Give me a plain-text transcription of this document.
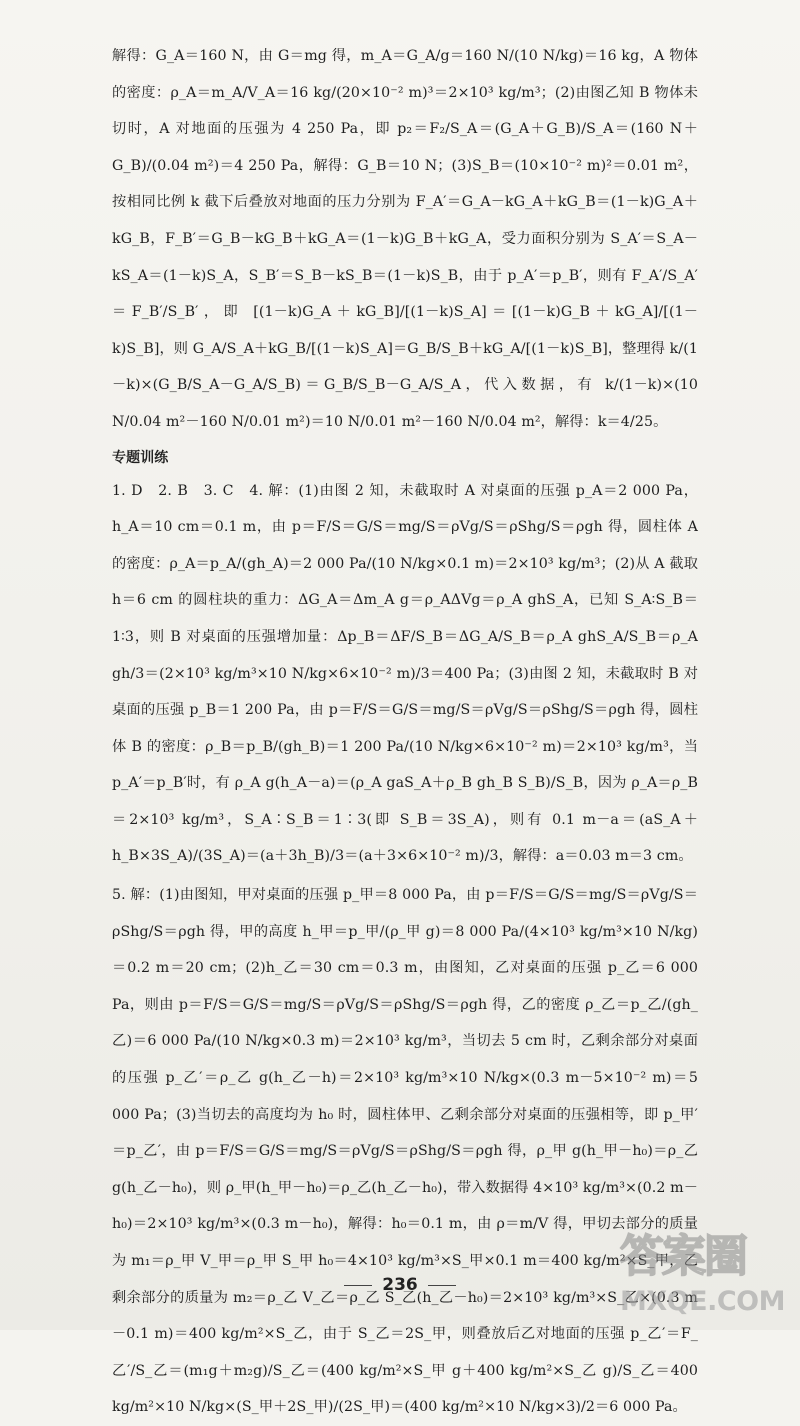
解得：G_A＝160 N，由 G＝mg 得，m_A＝G_A/g＝160 N/(10 N/kg)＝16 kg，A 物体的密度：ρ_A＝m_A/V_A＝16 kg/(20×10⁻² m)³＝2×10³ kg/m³；(2)由图乙知 B 物体未切时，A 对地面的压强为 4 250 Pa，即 p₂＝F₂/S_A＝(G_A＋G_B)/S_A＝(160 N＋G_B)/(0.04 m²)＝4 250 Pa，解得：G_B＝10 N；(3)S_B＝(10×10⁻² m)²＝0.01 m²，按相同比例 k 截下后叠放对地面的压力分别为 F_A′＝G_A－kG_A＋kG_B＝(1－k)G_A＋kG_B，F_B′＝G_B－kG_B＋kG_A＝(1－k)G_B＋kG_A，受力面积分别为 S_A′＝S_A－kS_A＝(1－k)S_A，S_B′＝S_B－kS_B＝(1－k)S_B，由于 p_A′＝p_B′，则有 F_A′/S_A′＝F_B′/S_B′，即 [(1－k)G_A＋kG_B]/[(1－k)S_A]＝[(1－k)G_B＋kG_A]/[(1－k)S_B]，则 G_A/S_A＋kG_B/[(1－k)S_A]＝G_B/S_B＋kG_A/[(1－k)S_B]，整理得 k/(1－k)×(G_B/S_A－G_A/S_B)＝G_B/S_B－G_A/S_A，代入数据，有 k/(1－k)×(10 N/0.04 m²－160 N/0.01 m²)＝10 N/0.01 m²－160 N/0.04 m²，解得：k＝4/25。

专题训练

1. D　2. B　3. C　4. 解：(1)由图 2 知，未截取时 A 对桌面的压强 p_A＝2 000 Pa，h_A＝10 cm＝0.1 m，由 p＝F/S＝G/S＝mg/S＝ρVg/S＝ρShg/S＝ρgh 得，圆柱体 A 的密度：ρ_A＝p_A/(gh_A)＝2 000 Pa/(10 N/kg×0.1 m)＝2×10³ kg/m³；(2)从 A 截取 h＝6 cm 的圆柱块的重力：ΔG_A＝Δm_A g＝ρ_AΔVg＝ρ_A ghS_A，已知 S_A∶S_B＝1∶3，则 B 对桌面的压强增加量：Δp_B＝ΔF/S_B＝ΔG_A/S_B＝ρ_A ghS_A/S_B＝ρ_A gh/3＝(2×10³ kg/m³×10 N/kg×6×10⁻² m)/3＝400 Pa；(3)由图 2 知，未截取时 B 对桌面的压强 p_B＝1 200 Pa，由 p＝F/S＝G/S＝mg/S＝ρVg/S＝ρShg/S＝ρgh 得，圆柱体 B 的密度：ρ_B＝p_B/(gh_B)＝1 200 Pa/(10 N/kg×6×10⁻² m)＝2×10³ kg/m³，当 p_A′＝p_B′时，有 ρ_A g(h_A－a)＝(ρ_A gaS_A＋ρ_B gh_B S_B)/S_B，因为 ρ_A＝ρ_B＝2×10³ kg/m³，S_A∶S_B＝1∶3(即 S_B＝3S_A)，则有 0.1 m－a＝(aS_A＋h_B×3S_A)/(3S_A)＝(a＋3h_B)/3＝(a＋3×6×10⁻² m)/3，解得：a＝0.03 m＝3 cm。

5. 解：(1)由图知，甲对桌面的压强 p_甲＝8 000 Pa，由 p＝F/S＝G/S＝mg/S＝ρVg/S＝ρShg/S＝ρgh 得，甲的高度 h_甲＝p_甲/(ρ_甲 g)＝8 000 Pa/(4×10³ kg/m³×10 N/kg)＝0.2 m＝20 cm；(2)h_乙＝30 cm＝0.3 m，由图知，乙对桌面的压强 p_乙＝6 000 Pa，则由 p＝F/S＝G/S＝mg/S＝ρVg/S＝ρShg/S＝ρgh 得，乙的密度 ρ_乙＝p_乙/(gh_乙)＝6 000 Pa/(10 N/kg×0.3 m)＝2×10³ kg/m³，当切去 5 cm 时，乙剩余部分对桌面的压强 p_乙′＝ρ_乙 g(h_乙－h)＝2×10³ kg/m³×10 N/kg×(0.3 m－5×10⁻² m)＝5 000 Pa；(3)当切去的高度均为 h₀ 时，圆柱体甲、乙剩余部分对桌面的压强相等，即 p_甲′＝p_乙′，由 p＝F/S＝G/S＝mg/S＝ρVg/S＝ρShg/S＝ρgh 得，ρ_甲 g(h_甲－h₀)＝ρ_乙 g(h_乙－h₀)，则 ρ_甲(h_甲－h₀)＝ρ_乙(h_乙－h₀)，带入数据得 4×10³ kg/m³×(0.2 m－h₀)＝2×10³ kg/m³×(0.3 m－h₀)，解得：h₀＝0.1 m，由 ρ＝m/V 得，甲切去部分的质量为 m₁＝ρ_甲 V_甲＝ρ_甲 S_甲 h₀＝4×10³ kg/m³×S_甲×0.1 m＝400 kg/m²×S_甲，乙剩余部分的质量为 m₂＝ρ_乙 V_乙＝ρ_乙 S_乙(h_乙－h₀)＝2×10³ kg/m³×S_乙×(0.3 m－0.1 m)＝400 kg/m²×S_乙，由于 S_乙＝2S_甲，则叠放后乙对地面的压强 p_乙′＝F_乙′/S_乙＝(m₁g＋m₂g)/S_乙＝(400 kg/m²×S_甲 g＋400 kg/m²×S_乙 g)/S_乙＝400 kg/m²×10 N/kg×(S_甲＋2S_甲)/(2S_甲)＝(400 kg/m²×10 N/kg×3)/2＝6 000 Pa。

236
答案圈
MXQE.COM
